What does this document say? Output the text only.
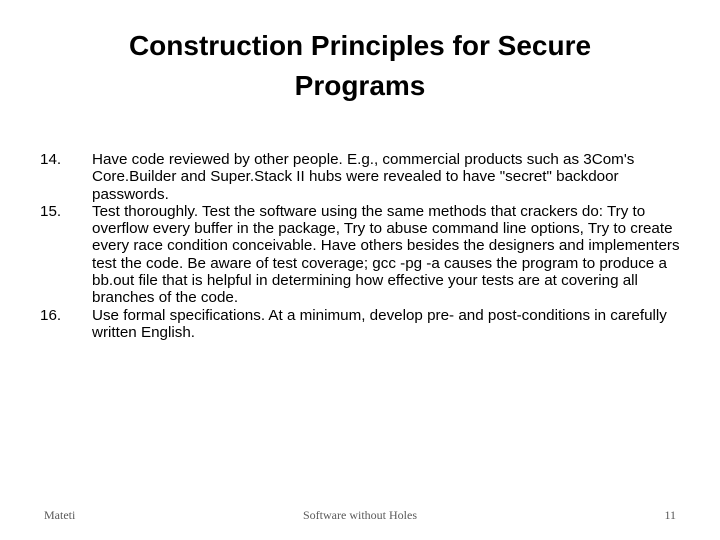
Construction Principles for Secure Programs
14.	Have code reviewed by other people. E.g., commercial products such as 3Com's Core.Builder and Super.Stack II hubs were revealed to have "secret" backdoor passwords.
15.	Test thoroughly. Test the software using the same methods that crackers do: Try to overflow every buffer in the package, Try to abuse command line options, Try to create every race condition conceivable. Have others besides the designers and implementers test the code. Be aware of test coverage; gcc -pg -a causes the program to produce a bb.out file that is helpful in determining how effective your tests are at covering all branches of the code.
16.	Use formal specifications. At a minimum, develop pre- and post-conditions in carefully written English.
Mateti	Software without Holes	11
